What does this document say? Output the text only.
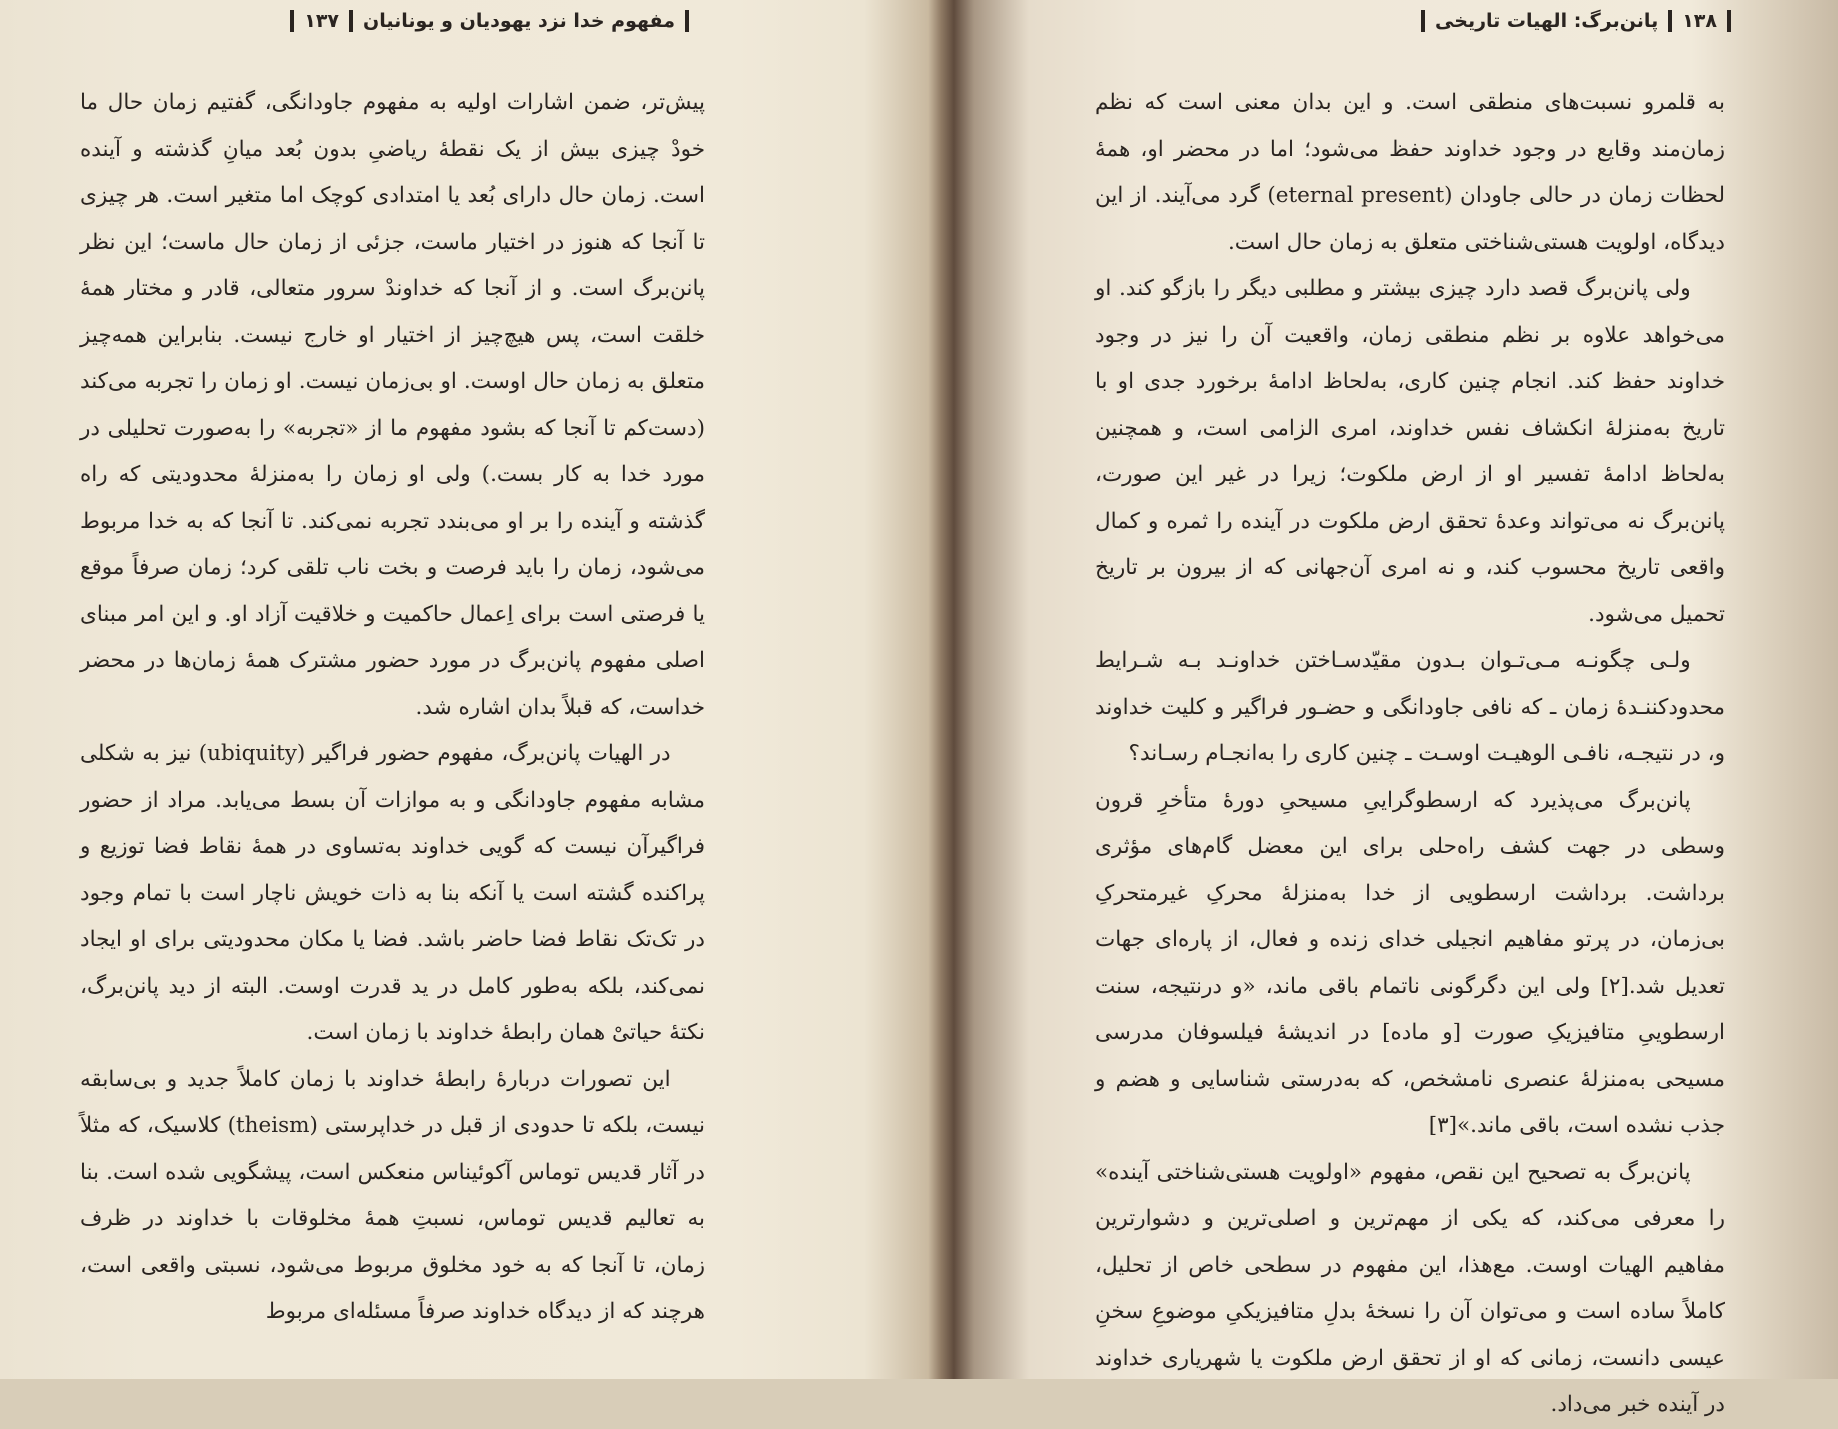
مفهوم خدا نزد یهودیان و یونانیان
۱۳۷

پیش‌تر، ضمن اشارات اولیه به مفهوم جاودانگی، گفتیم زمان حال ما خودْ چیزی بیش از یک نقطهٔ ریاضیِ بدون بُعد میانِ گذشته و آینده است. زمان حال دارای بُعد یا امتدادی کوچک اما متغیر است. هر چیزی تا آنجا که هنوز در اختیار ماست، جزئی از زمان حال ماست؛ این نظر پانن‌برگ است. و از آنجا که خداوندْ سرور متعالی، قادر و مختار همهٔ خلقت است، پس هیچ‌چیز از اختیار او خارج نیست. بنابراین همه‌چیز متعلق به زمان حال اوست. او بی‌زمان نیست. او زمان را تجربه می‌کند (دست‌کم تا آنجا که بشود مفهوم ما از «تجربه» را به‌صورت تحلیلی در مورد خدا به‌ کار بست.) ولی او زمان را به‌منزلهٔ محدودیتی که راه گذشته و آینده را بر او می‌بندد تجربه نمی‌کند. تا آنجا که به خدا مربوط می‌شود، زمان را باید فرصت و بخت ناب تلقی کرد؛ زمان صرفاً موقع یا فرصتی است برای اِعمال حاکمیت و خلاقیت آزاد او. و این امر مبنای اصلی مفهوم پانن‌برگ در مورد حضور مشترک همهٔ زمان‌ها در محضر خداست، که قبلاً بدان اشاره شد.

در الهیات پانن‌برگ، مفهوم حضور فراگیر (ubiquity) نیز به شکلی مشابه مفهوم جاودانگی و به موازات آن بسط می‌یابد. مراد از حضور فراگیرآن نیست که گویی خداوند به‌تساوی در همهٔ نقاط فضا توزیع و پراکنده گشته است یا آنکه بنا به ذات خویش ناچار است با تمام وجود در تک‌تک نقاط فضا حاضر باشد. فضا یا مکان محدودیتی برای او ایجاد نمی‌کند، بلکه به‌طور کامل در ید قدرت اوست. البته از دید پانن‌برگ، نکتهٔ حیاتیْ همان رابطهٔ خداوند با زمان است.

این تصورات دربارهٔ رابطهٔ خداوند با زمان کاملاً جدید و بی‌سابقه نیست، بلکه تا حدودی از قبل در خداپرستی (theism) کلاسیک، که مثلاً در آثار قدیس توماس آکوئیناس منعکس است، پیشگویی شده است. بنا به تعالیم قدیس توماس، نسبتِ همهٔ مخلوقات با خداوند در ظرف زمان، تا آنجا که به خود مخلوق مربوط می‌شود، نسبتی واقعی است، هرچند که از دیدگاه خداوند صرفاً مسئله‌ای مربوط

۱۳۸
پانن‌برگ: الهیات تاریخی

به قلمرو نسبت‌های منطقی است. و این بدان معنی است که نظم زمان‌مند وقایع در وجود خداوند حفظ می‌شود؛ اما در محضر او، همهٔ لحظات زمان در حالی جاودان (eternal present) گرد می‌آیند. از این دیدگاه، اولویت هستی‌شناختی متعلق به زمان حال است.

ولی پانن‌برگ قصد دارد چیزی بیشتر و مطلبی دیگر را بازگو کند. او می‌خواهد علاوه بر نظم منطقی زمان، واقعیت آن را نیز در وجود خداوند حفظ کند. انجام چنین کاری، به‌لحاظ ادامهٔ برخورد جدی او با تاریخ به‌منزلهٔ انکشاف نفس خداوند، امری الزامی است، و همچنین به‌لحاظ ادامهٔ تفسیر او از ارض ملکوت؛ زیرا در غیر این صورت، پانن‌برگ نه می‌تواند وعدهٔ تحقق ارض ملکوت در آینده را ثمره و کمال واقعی تاریخ محسوب کند، و نه امری آن‌جهانی که از بیرون بر تاریخ تحمیل می‌شود.

ولـی چگونـه مـی‌تـوان بـدون مقیّدسـاختن خداونـد بـه شـرایط محدودکننـدهٔ زمان ـ که نافی جاودانگی و حضـور فراگیر و کلیت خداوند و، در نتیجـه، نافـی الوهیـت اوسـت ـ چنین کاری را به‌انجـام رسـاند؟

پانن‌برگ می‌پذیرد که ارسطوگراییِ مسیحیِ دورهٔ متأخرِ قرون وسطی در جهت کشف راه‌حلی برای این معضل گام‌های مؤثری برداشت. برداشت ارسطویی از خدا به‌منزلهٔ محرکِ غیرمتحرکِ بی‌زمان، در پرتو مفاهیم انجیلی خدای زنده و فعال، از پاره‌ای جهات تعدیل شد.[۲] ولی این دگرگونی ناتمام باقی ماند، «و درنتیجه، سنت ارسطوییِ متافیزیکِ صورت [و ماده] در اندیشهٔ فیلسوفان مدرسی مسیحی به‌منزلهٔ عنصری نامشخص، که به‌درستی شناسایی و هضم و جذب نشده است، باقی ماند.»[۳]

پانن‌برگ به تصحیح این نقص، مفهوم «اولویت هستی‌شناختی آینده» را معرفی می‌کند، که یکی از مهم‌ترین و اصلی‌ترین و دشوارترین مفاهیم الهیات اوست. مع‌هذا، این مفهوم در سطحی خاص از تحلیل، کاملاً ساده است و می‌توان آن را نسخهٔ بدلِ متافیزیکیِ موضوعِ سخنِ عیسی دانست، زمانی که او از تحقق ارض ملکوت یا شهریاری خداوند در آینده خبر می‌داد.
